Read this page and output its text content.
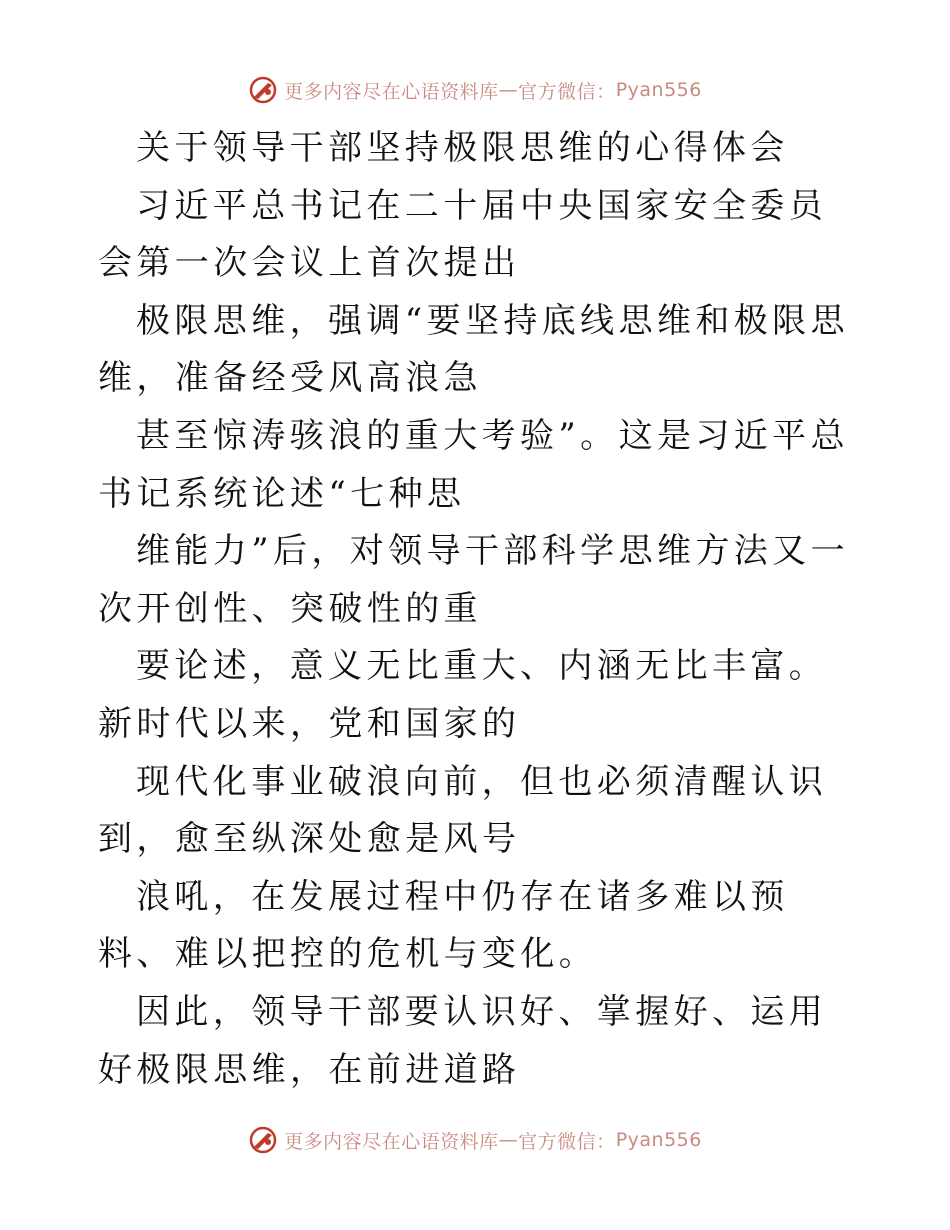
更多内容尽在心语资料库 — 官方微信： Pyan556

关于领导干部坚持极限思维的心得体会

习近平总书记在二十届中央国家安全委员会第一次会议上首次提出

极限思维，强调“要坚持底线思维和极限思维，准备经受风高浪急

甚至惊涛骇浪的重大考验”。这是习近平总书记系统论述“七种思

维能力”后，对领导干部科学思维方法又一次开创性、突破性的重

要论述，意义无比重大、内涵无比丰富。新时代以来，党和国家的

现代化事业破浪向前，但也必须清醒认识到，愈至纵深处愈是风号

浪吼，在发展过程中仍存在诸多难以预料、难以把控的危机与变化。

因此，领导干部要认识好、掌握好、运用好极限思维，在前进道路

更多内容尽在心语资料库 — 官方微信： Pyan556
